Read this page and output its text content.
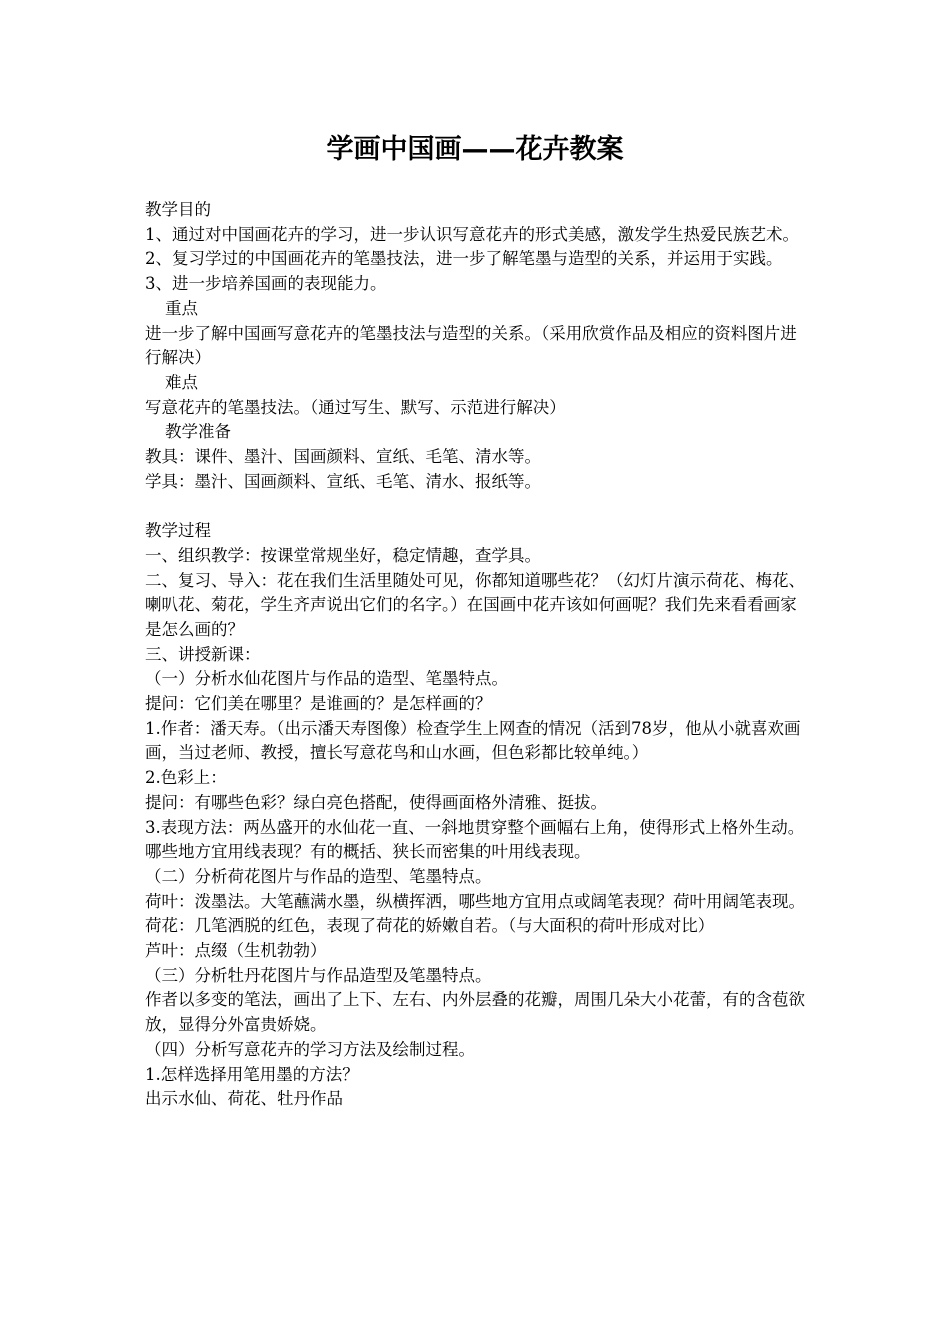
学画中国画——花卉教案

教学目的

1、通过对中国画花卉的学习，进一步认识写意花卉的形式美感，激发学生热爱民族艺术。

2、复习学过的中国画花卉的笔墨技法，进一步了解笔墨与造型的关系，并运用于实践。

3、进一步培养国画的表现能力。

重点

进一步了解中国画写意花卉的笔墨技法与造型的关系。（采用欣赏作品及相应的资料图片进行解决）

难点

写意花卉的笔墨技法。（通过写生、默写、示范进行解决）

教学准备

教具：课件、墨汁、国画颜料、宣纸、毛笔、清水等。

学具：墨汁、国画颜料、宣纸、毛笔、清水、报纸等。

教学过程

一、组织教学：按课堂常规坐好，稳定情趣，查学具。

二、复习、导入：花在我们生活里随处可见，你都知道哪些花？（幻灯片演示荷花、梅花、喇叭花、菊花，学生齐声说出它们的名字。）在国画中花卉该如何画呢？我们先来看看画家是怎么画的？

三、讲授新课：

（一）分析水仙花图片与作品的造型、笔墨特点。

提问：它们美在哪里？是谁画的？是怎样画的？

1.作者：潘天寿。（出示潘天寿图像）检查学生上网查的情况（活到78岁，他从小就喜欢画画，当过老师、教授，擅长写意花鸟和山水画，但色彩都比较单纯。）

2.色彩上：

提问：有哪些色彩？绿白亮色搭配，使得画面格外清雅、挺拔。

3.表现方法：两丛盛开的水仙花一直、一斜地贯穿整个画幅右上角，使得形式上格外生动。

哪些地方宜用线表现？有的概括、狭长而密集的叶用线表现。

（二）分析荷花图片与作品的造型、笔墨特点。

荷叶：泼墨法。大笔蘸满水墨，纵横挥洒，哪些地方宜用点或阔笔表现？荷叶用阔笔表现。

荷花：几笔洒脱的红色，表现了荷花的娇嫩自若。（与大面积的荷叶形成对比）

芦叶：点缀（生机勃勃）

（三）分析牡丹花图片与作品造型及笔墨特点。

作者以多变的笔法，画出了上下、左右、内外层叠的花瓣，周围几朵大小花蕾，有的含苞欲放，显得分外富贵娇娆。

（四）分析写意花卉的学习方法及绘制过程。

1.怎样选择用笔用墨的方法？

出示水仙、荷花、牡丹作品
